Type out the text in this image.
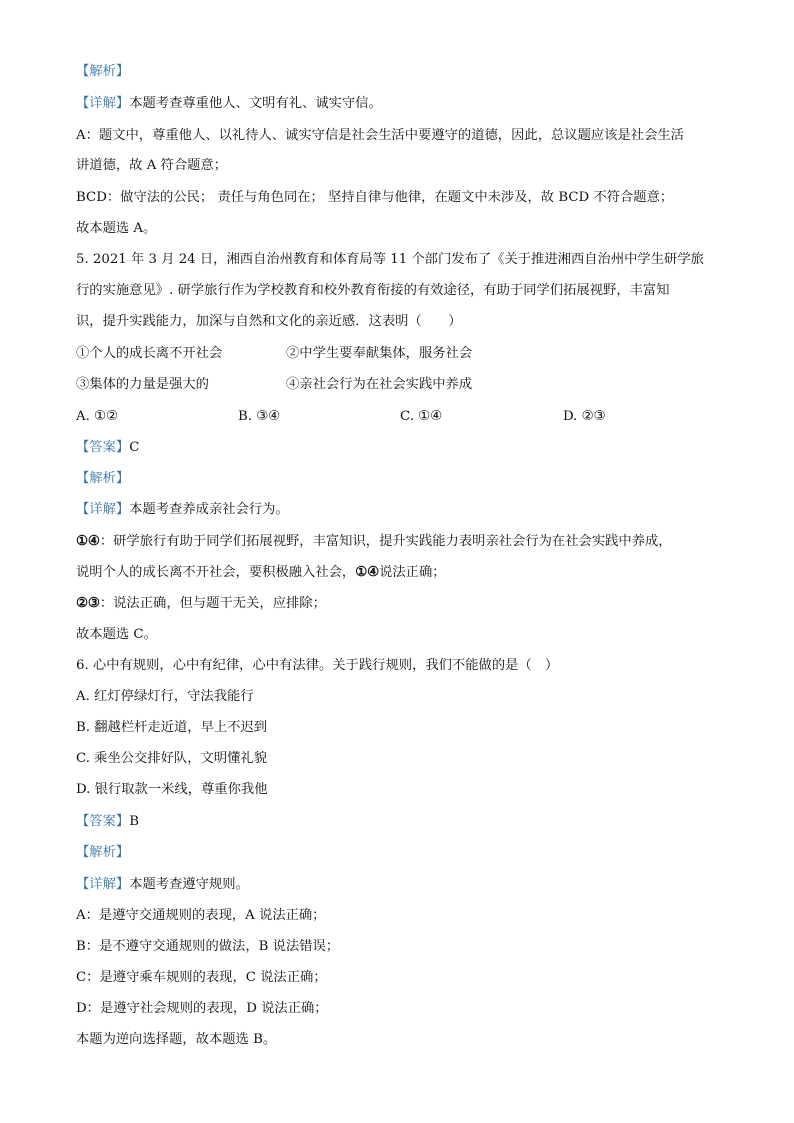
【解析】
【详解】本题考查尊重他人、文明有礼、诚实守信。
A：题文中，尊重他人、以礼待人、诚实守信是社会生活中要遵守的道德，因此，总议题应该是社会生活
讲道德，故 A 符合题意；
BCD：做守法的公民； 责任与角色同在； 坚持自律与他律，在题文中未涉及，故 BCD 不符合题意；
故本题选 A。
5. 2021 年 3 月 24 日，湘西自治州教育和体育局等 11 个部门发布了《关于推进湘西自治州中学生研学旅
行的实施意见》. 研学旅行作为学校教育和校外教育衔接的有效途径，有助于同学们拓展视野，丰富知
识，提升实践能力，加深与自然和文化的亲近感．这表明（　　）
①个人的成长离不开社会	②中学生要奉献集体，服务社会
③集体的力量是强大的	④亲社会行为在社会实践中养成
A. ①②	B. ③④	C. ①④	D. ②③
【答案】C
【解析】
【详解】本题考查养成亲社会行为。
①④：研学旅行有助于同学们拓展视野，丰富知识，提升实践能力表明亲社会行为在社会实践中养成，
说明个人的成长离不开社会，要积极融入社会，①④说法正确；
②③：说法正确，但与题干无关，应排除；
故本题选 C。
6. 心中有规则，心中有纪律，心中有法律。关于践行规则，我们不能做的是（　）
A. 红灯停绿灯行，守法我能行
B. 翻越栏杆走近道，早上不迟到
C. 乘坐公交排好队，文明懂礼貌
D. 银行取款一米线，尊重你我他
【答案】B
【解析】
【详解】本题考查遵守规则。
A：是遵守交通规则的表现，A 说法正确；
B：是不遵守交通规则的做法，B 说法错误；
C：是遵守乘车规则的表现，C 说法正确；
D：是遵守社会规则的表现，D 说法正确；
本题为逆向选择题，故本题选 B。
